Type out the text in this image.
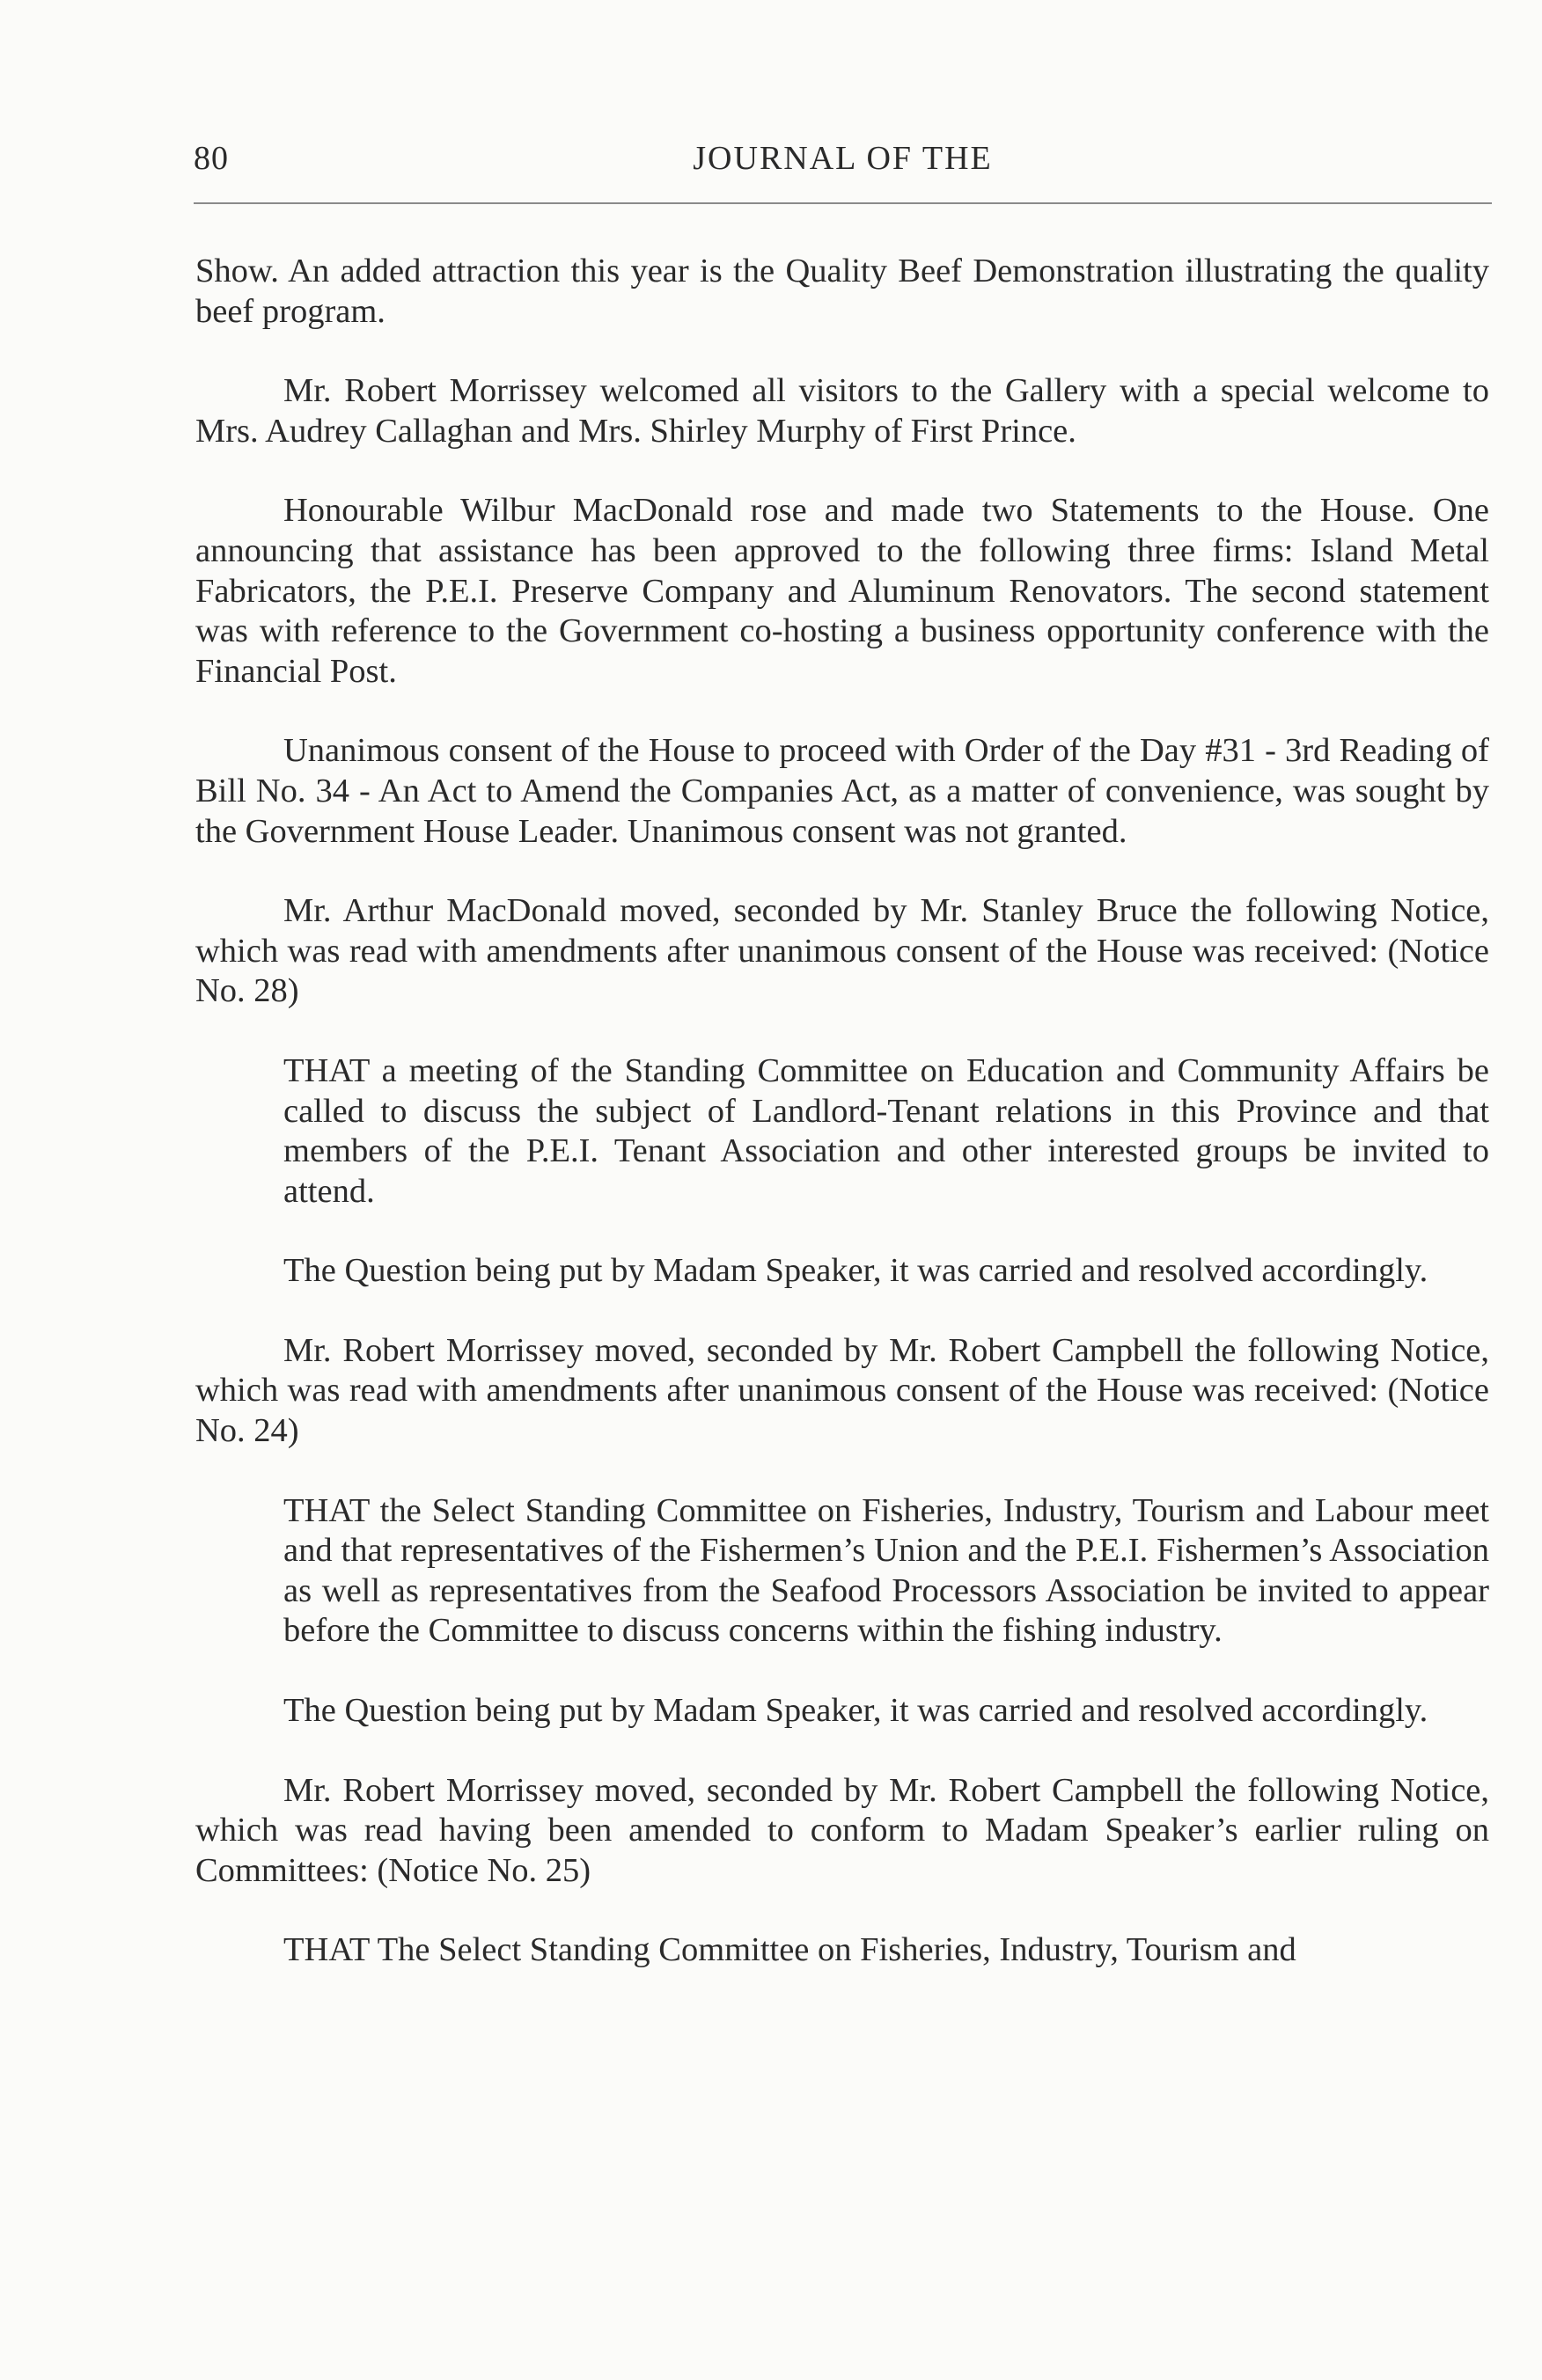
80	JOURNAL OF THE

Show. An added attraction this year is the Quality Beef Demonstration illustrating the quality beef program.

Mr. Robert Morrissey welcomed all visitors to the Gallery with a special welcome to Mrs. Audrey Callaghan and Mrs. Shirley Murphy of First Prince.

Honourable Wilbur MacDonald rose and made two Statements to the House. One announcing that assistance has been approved to the following three firms: Island Metal Fabricators, the P.E.I. Preserve Company and Aluminum Renovators. The second statement was with reference to the Government co-hosting a business opportunity conference with the Financial Post.

Unanimous consent of the House to proceed with Order of the Day #31 - 3rd Reading of Bill No. 34 - An Act to Amend the Companies Act, as a matter of convenience, was sought by the Government House Leader. Unanimous consent was not granted.

Mr. Arthur MacDonald moved, seconded by Mr. Stanley Bruce the following Notice, which was read with amendments after unanimous consent of the House was received: (Notice No. 28)

THAT a meeting of the Standing Committee on Education and Community Affairs be called to discuss the subject of Landlord-Tenant relations in this Province and that members of the P.E.I. Tenant Association and other interested groups be invited to attend.

The Question being put by Madam Speaker, it was carried and resolved accordingly.

Mr. Robert Morrissey moved, seconded by Mr. Robert Campbell the following Notice, which was read with amendments after unanimous consent of the House was received: (Notice No. 24)

THAT the Select Standing Committee on Fisheries, Industry, Tourism and Labour meet and that representatives of the Fishermen’s Union and the P.E.I. Fishermen’s Association as well as representatives from the Seafood Processors Association be invited to appear before the Committee to discuss concerns within the fishing industry.

The Question being put by Madam Speaker, it was carried and resolved accordingly.

Mr. Robert Morrissey moved, seconded by Mr. Robert Campbell the following Notice, which was read having been amended to conform to Madam Speaker’s earlier ruling on Committees: (Notice No. 25)

THAT The Select Standing Committee on Fisheries, Industry, Tourism and
